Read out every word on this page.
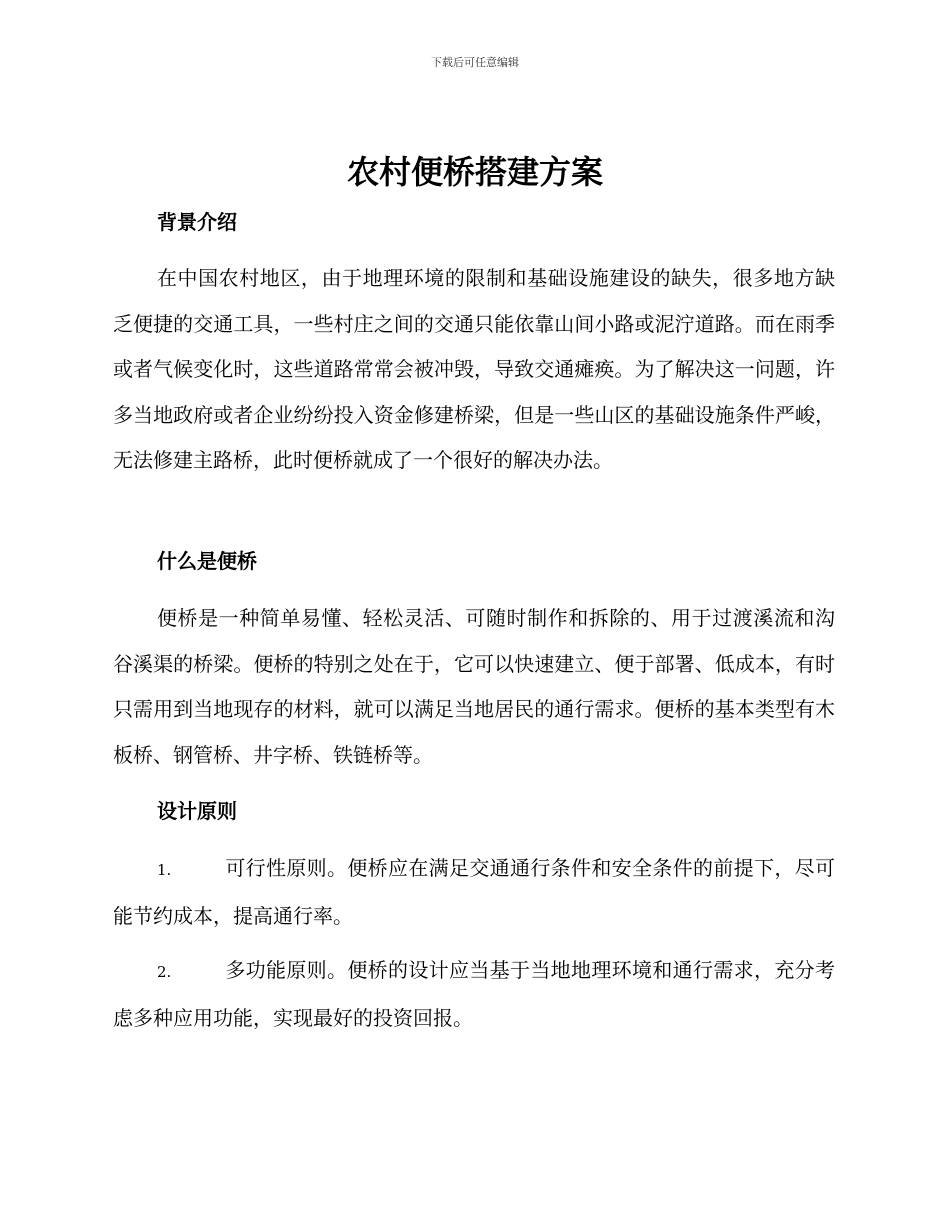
下载后可任意编辑
农村便桥搭建方案
背景介绍
在中国农村地区，由于地理环境的限制和基础设施建设的缺失，很多地方缺乏便捷的交通工具，一些村庄之间的交通只能依靠山间小路或泥泞道路。而在雨季或者气候变化时，这些道路常常会被冲毁，导致交通瘫痪。为了解决这一问题，许多当地政府或者企业纷纷投入资金修建桥梁，但是一些山区的基础设施条件严峻，无法修建主路桥，此时便桥就成了一个很好的解决办法。
什么是便桥
便桥是一种简单易懂、轻松灵活、可随时制作和拆除的、用于过渡溪流和沟谷溪渠的桥梁。便桥的特别之处在于，它可以快速建立、便于部署、低成本，有时只需用到当地现存的材料，就可以满足当地居民的通行需求。便桥的基本类型有木板桥、钢管桥、井字桥、铁链桥等。
设计原则
1.	可行性原则。便桥应在满足交通通行条件和安全条件的前提下，尽可能节约成本，提高通行率。
2.	多功能原则。便桥的设计应当基于当地地理环境和通行需求，充分考虑多种应用功能，实现最好的投资回报。
